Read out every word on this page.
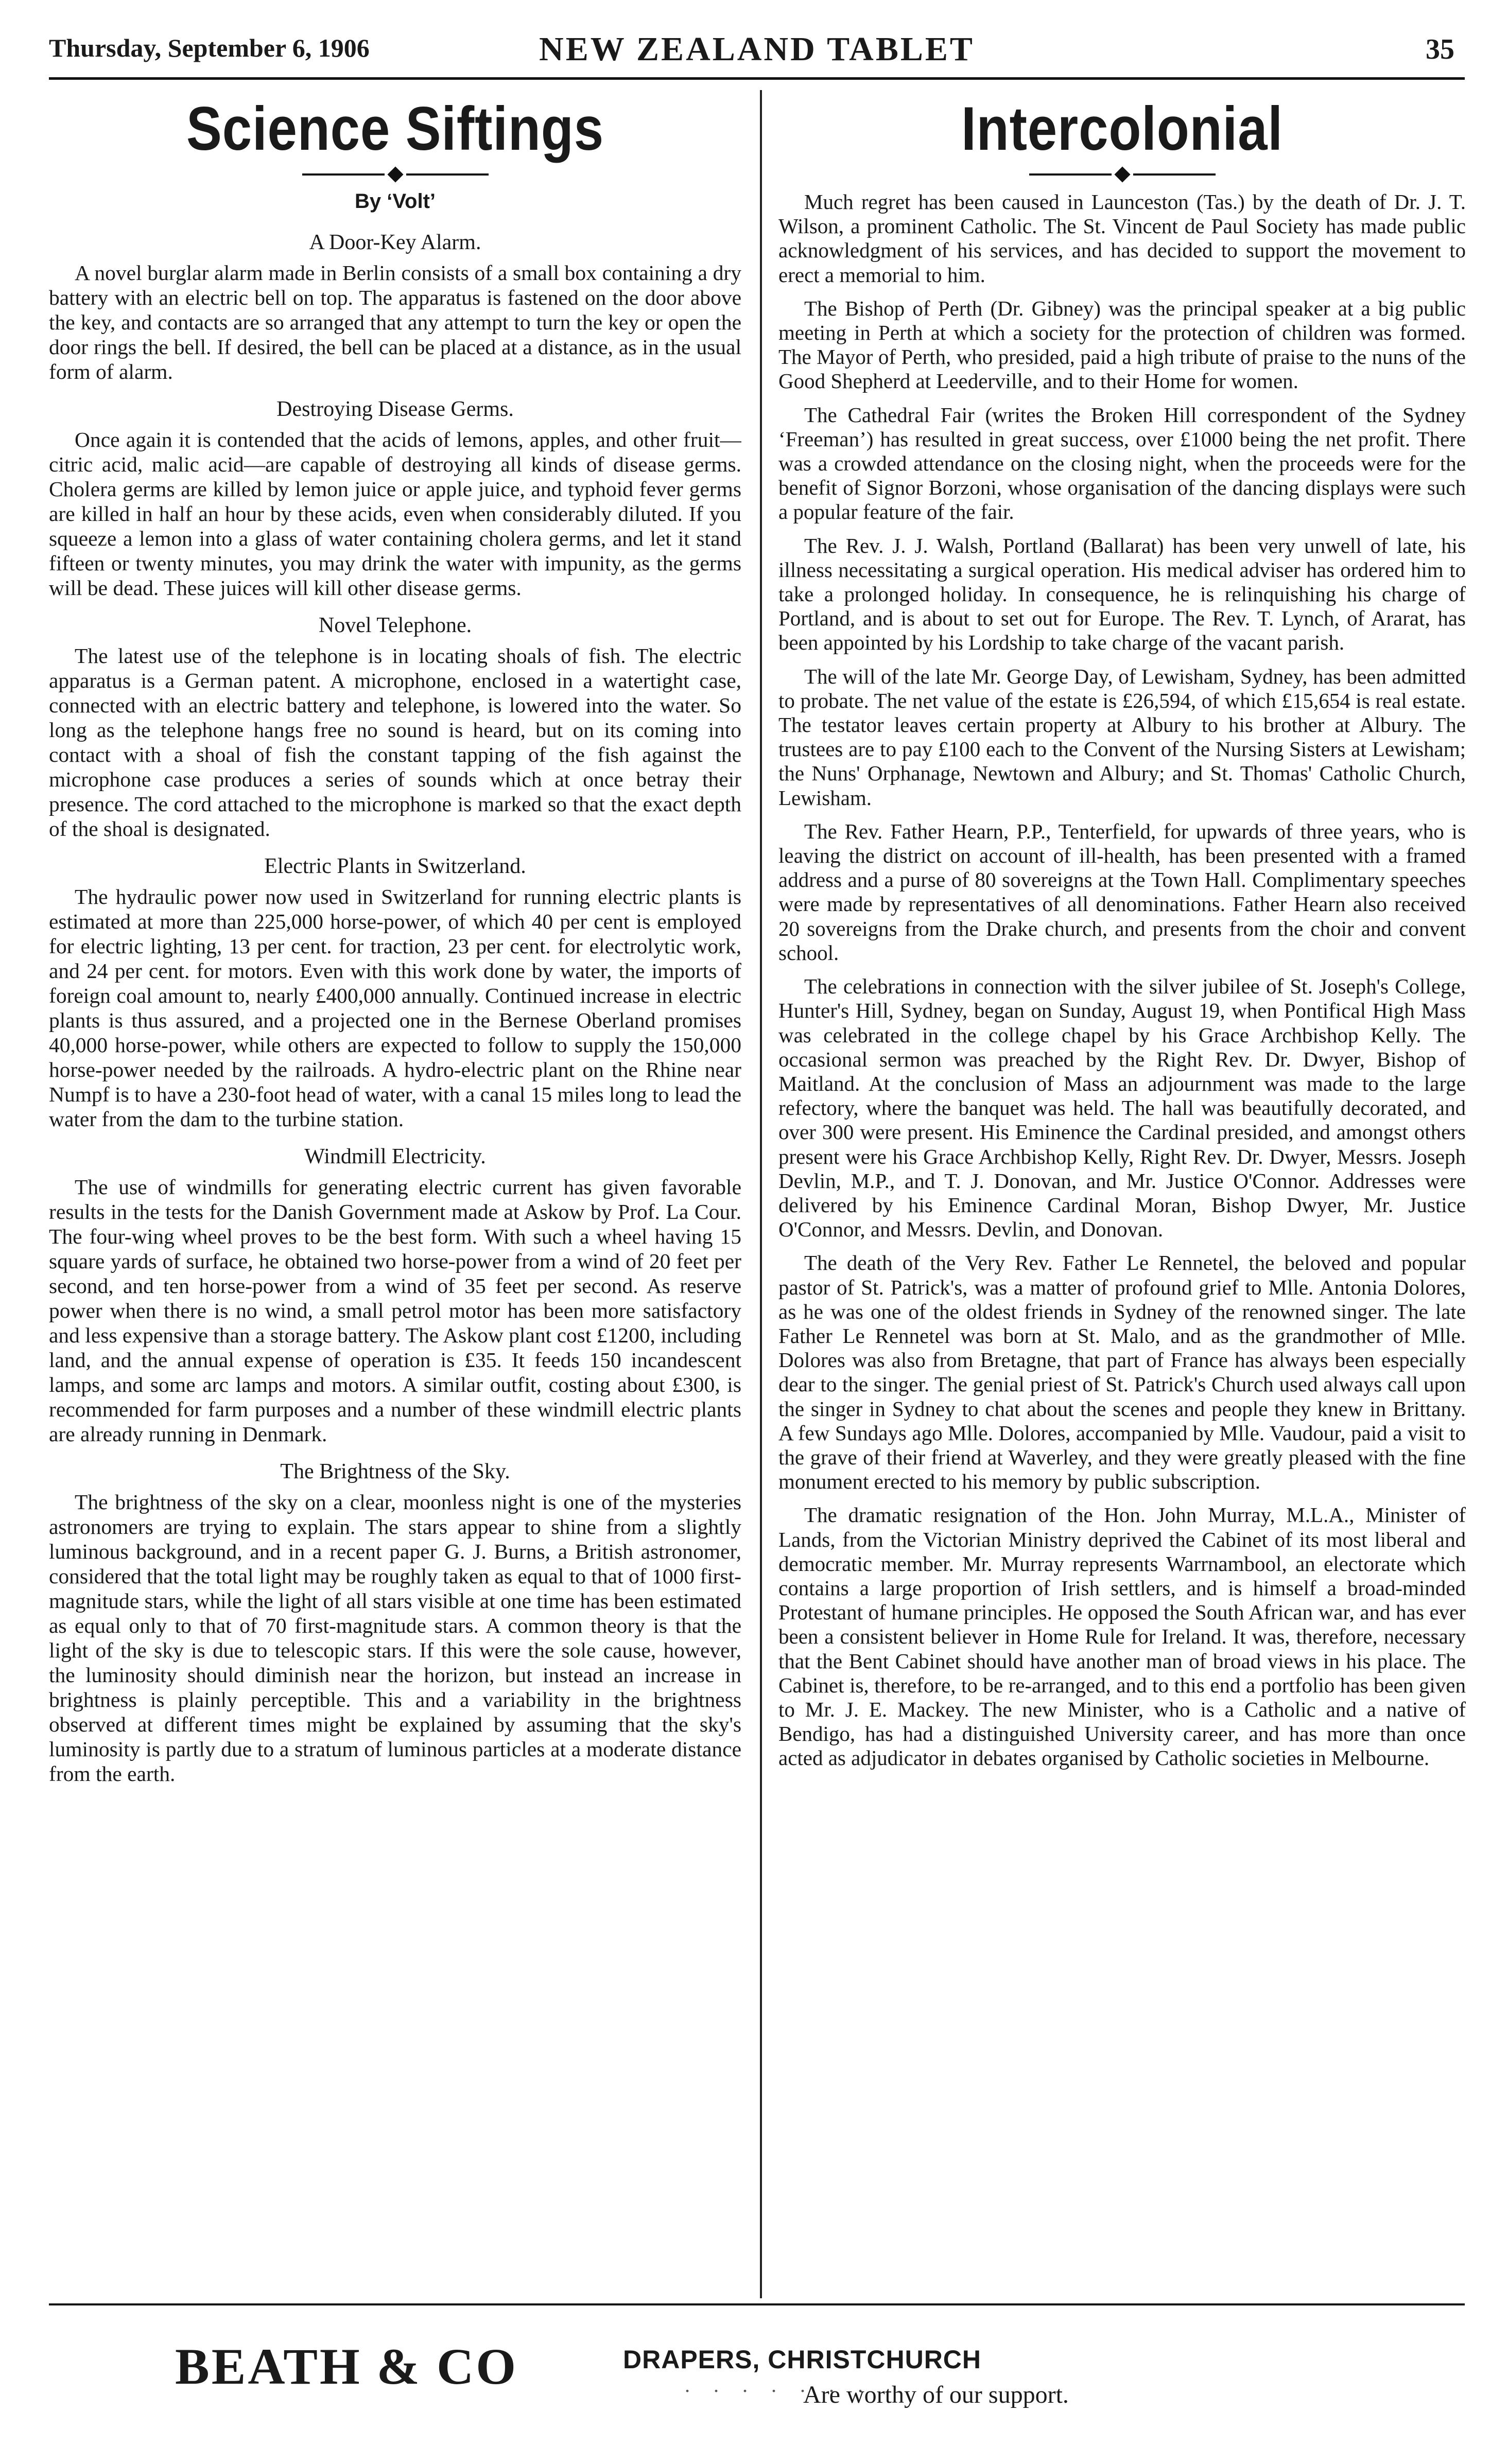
Thursday, September 6, 1906	NEW ZEALAND TABLET	35
Science Siftings
By ‘Volt’
A Door-Key Alarm.

A novel burglar alarm made in Berlin consists of a small box containing a dry battery with an electric bell on top. The apparatus is fastened on the door above the key, and contacts are so arranged that any attempt to turn the key or open the door rings the bell. If desired, the bell can be placed at a distance, as in the usual form of alarm.

Destroying Disease Germs.

Once again it is contended that the acids of lemons, apples, and other fruit—citric acid, malic acid—are capable of destroying all kinds of disease germs. Cholera germs are killed by lemon juice or apple juice, and typhoid fever germs are killed in half an hour by these acids, even when considerably diluted. If you squeeze a lemon into a glass of water containing cholera germs, and let it stand fifteen or twenty minutes, you may drink the water with impunity, as the germs will be dead. These juices will kill other disease germs.

Novel Telephone.

The latest use of the telephone is in locating shoals of fish. The electric apparatus is a German patent. A microphone, enclosed in a watertight case, connected with an electric battery and telephone, is lowered into the water. So long as the telephone hangs free no sound is heard, but on its coming into contact with a shoal of fish the constant tapping of the fish against the microphone case produces a series of sounds which at once betray their presence. The cord attached to the microphone is marked so that the exact depth of the shoal is designated.

Electric Plants in Switzerland.

The hydraulic power now used in Switzerland for running electric plants is estimated at more than 225,000 horse-power, of which 40 per cent is employed for electric lighting, 13 per cent. for traction, 23 per cent. for electrolytic work, and 24 per cent. for motors. Even with this work done by water, the imports of foreign coal amount to, nearly £400,000 annually. Continued increase in electric plants is thus assured, and a projected one in the Bernese Oberland promises 40,000 horse-power, while others are expected to follow to supply the 150,000 horse-power needed by the railroads. A hydro-electric plant on the Rhine near Numpf is to have a 230-foot head of water, with a canal 15 miles long to lead the water from the dam to the turbine station.

Windmill Electricity.

The use of windmills for generating electric current has given favorable results in the tests for the Danish Government made at Askow by Prof. La Cour. The four-wing wheel proves to be the best form. With such a wheel having 15 square yards of surface, he obtained two horse-power from a wind of 20 feet per second, and ten horse-power from a wind of 35 feet per second. As reserve power when there is no wind, a small petrol motor has been more satisfactory and less expensive than a storage battery. The Askow plant cost £1200, including land, and the annual expense of operation is £35. It feeds 150 incandescent lamps, and some arc lamps and motors. A similar outfit, costing about £300, is recommended for farm purposes and a number of these windmill electric plants are already running in Denmark.

The Brightness of the Sky.

The brightness of the sky on a clear, moonless night is one of the mysteries astronomers are trying to explain. The stars appear to shine from a slightly luminous background, and in a recent paper G. J. Burns, a British astronomer, considered that the total light may be roughly taken as equal to that of 1000 first-magnitude stars, while the light of all stars visible at one time has been estimated as equal only to that of 70 first-magnitude stars. A common theory is that the light of the sky is due to telescopic stars. If this were the sole cause, however, the luminosity should diminish near the horizon, but instead an increase in brightness is plainly perceptible. This and a variability in the brightness observed at different times might be explained by assuming that the sky's luminosity is partly due to a stratum of luminous particles at a moderate distance from the earth.

Intercolonial

Much regret has been caused in Launceston (Tas.) by the death of Dr. J. T. Wilson, a prominent Catholic. The St. Vincent de Paul Society has made public acknowledgment of his services, and has decided to support the movement to erect a memorial to him.

The Bishop of Perth (Dr. Gibney) was the principal speaker at a big public meeting in Perth at which a society for the protection of children was formed. The Mayor of Perth, who presided, paid a high tribute of praise to the nuns of the Good Shepherd at Leederville, and to their Home for women.

The Cathedral Fair (writes the Broken Hill correspondent of the Sydney ‘Freeman’) has resulted in great success, over £1000 being the net profit. There was a crowded attendance on the closing night, when the proceeds were for the benefit of Signor Borzoni, whose organisation of the dancing displays were such a popular feature of the fair.

The Rev. J. J. Walsh, Portland (Ballarat) has been very unwell of late, his illness necessitating a surgical operation. His medical adviser has ordered him to take a prolonged holiday. In consequence, he is relinquishing his charge of Portland, and is about to set out for Europe. The Rev. T. Lynch, of Ararat, has been appointed by his Lordship to take charge of the vacant parish.

The will of the late Mr. George Day, of Lewisham, Sydney, has been admitted to probate. The net value of the estate is £26,594, of which £15,654 is real estate. The testator leaves certain property at Albury to his brother at Albury. The trustees are to pay £100 each to the Convent of the Nursing Sisters at Lewisham; the Nuns' Orphanage, Newtown and Albury; and St. Thomas' Catholic Church, Lewisham.

The Rev. Father Hearn, P.P., Tenterfield, for upwards of three years, who is leaving the district on account of ill-health, has been presented with a framed address and a purse of 80 sovereigns at the Town Hall. Complimentary speeches were made by representatives of all denominations. Father Hearn also received 20 sovereigns from the Drake church, and presents from the choir and convent school.

The celebrations in connection with the silver jubilee of St. Joseph's College, Hunter's Hill, Sydney, began on Sunday, August 19, when Pontifical High Mass was celebrated in the college chapel by his Grace Archbishop Kelly. The occasional sermon was preached by the Right Rev. Dr. Dwyer, Bishop of Maitland. At the conclusion of Mass an adjournment was made to the large refectory, where the banquet was held. The hall was beautifully decorated, and over 300 were present. His Eminence the Cardinal presided, and amongst others present were his Grace Archbishop Kelly, Right Rev. Dr. Dwyer, Messrs. Joseph Devlin, M.P., and T. J. Donovan, and Mr. Justice O'Connor. Addresses were delivered by his Eminence Cardinal Moran, Bishop Dwyer, Mr. Justice O'Connor, and Messrs. Devlin, and Donovan.

The death of the Very Rev. Father Le Rennetel, the beloved and popular pastor of St. Patrick's, was a matter of profound grief to Mlle. Antonia Dolores, as he was one of the oldest friends in Sydney of the renowned singer. The late Father Le Rennetel was born at St. Malo, and as the grandmother of Mlle. Dolores was also from Bretagne, that part of France has always been especially dear to the singer. The genial priest of St. Patrick's Church used always call upon the singer in Sydney to chat about the scenes and people they knew in Brittany. A few Sundays ago Mlle. Dolores, accompanied by Mlle. Vaudour, paid a visit to the grave of their friend at Waverley, and they were greatly pleased with the fine monument erected to his memory by public subscription.

The dramatic resignation of the Hon. John Murray, M.L.A., Minister of Lands, from the Victorian Ministry deprived the Cabinet of its most liberal and democratic member. Mr. Murray represents Warrnambool, an electorate which contains a large proportion of Irish settlers, and is himself a broad-minded Protestant of humane principles. He opposed the South African war, and has ever been a consistent believer in Home Rule for Ireland. It was, therefore, necessary that the Bent Cabinet should have another man of broad views in his place. The Cabinet is, therefore, to be re-arranged, and to this end a portfolio has been given to Mr. J. E. Mackey. The new Minister, who is a Catholic and a native of Bendigo, has had a distinguished University career, and has more than once acted as adjudicator in debates organised by Catholic societies in Melbourne.

BEATH & CO	DRAPERS, CHRISTCHURCH
. . . . . . .
Are worthy of our support.
